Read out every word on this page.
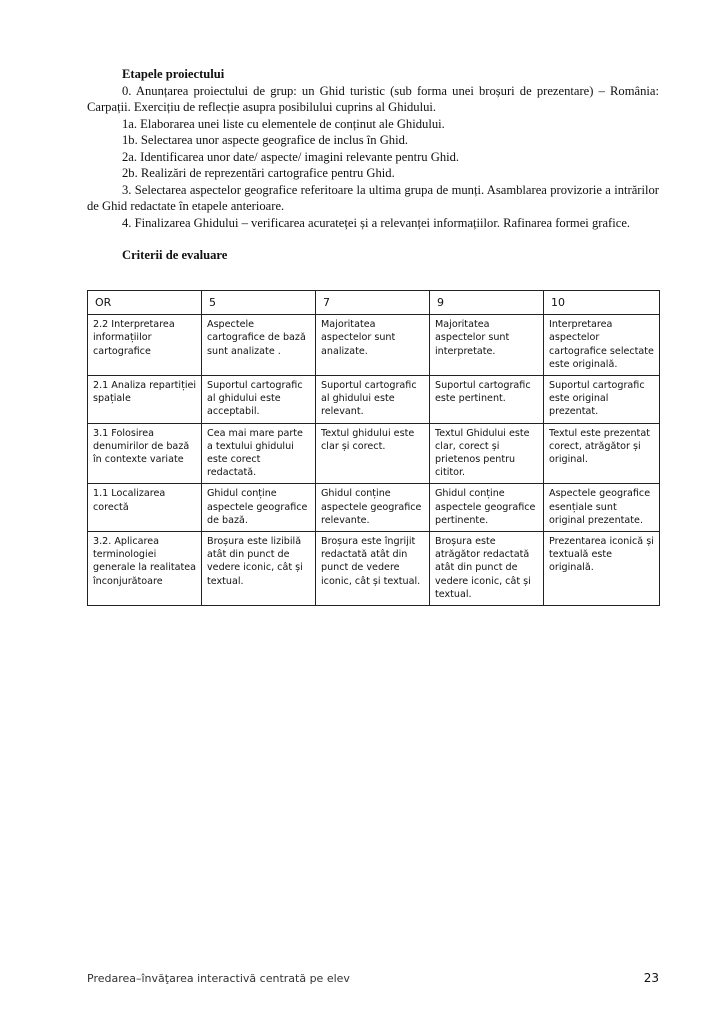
Etapele proiectului

0. Anunțarea proiectului de grup: un Ghid turistic (sub forma unei broșuri de prezentare) – România: Carpații. Exercițiu de reflecție asupra posibilului cuprins al Ghidului.

1a. Elaborarea unei liste cu elementele de conținut ale Ghidului.

1b. Selectarea unor aspecte geografice de inclus în Ghid.

2a. Identificarea unor date/ aspecte/ imagini relevante pentru Ghid.

2b. Realizări de reprezentări cartografice pentru Ghid.

3. Selectarea aspectelor geografice referitoare la ultima grupa de munți. Asamblarea provizorie a intrărilor de Ghid redactate în etapele anterioare.

4. Finalizarea Ghidului – verificarea acurateței și a relevanței informațiilor. Rafinarea formei grafice.

Criterii de evaluare

OR	5	7	9	10
2.2 Interpretarea informațiilor cartografice	Aspectele cartografice de bază sunt analizate .	Majoritatea aspectelor sunt analizate.	Majoritatea aspectelor sunt interpretate.	Interpretarea aspectelor cartografice selectate este originală.
2.1 Analiza repartiției spațiale	Suportul cartografic al ghidului este acceptabil.	Suportul cartografic al ghidului este relevant.	Suportul cartografic este pertinent.	Suportul cartografic este original prezentat.
3.1 Folosirea denumirilor de bază în contexte variate	Cea mai mare parte a textului ghidului este corect redactată.	Textul ghidului este clar și corect.	Textul Ghidului este clar, corect și prietenos pentru cititor.	Textul este prezentat corect, atrăgător și original.
1.1 Localizarea corectă	Ghidul conține aspectele geografice de bază.	Ghidul conține aspectele geografice relevante.	Ghidul conține aspectele geografice pertinente.	Aspectele geografice esențiale sunt original prezentate.
3.2. Aplicarea terminologiei generale la realitatea înconjurătoare	Broșura este lizibilă atât din punct de vedere iconic, cât și textual.	Broșura este îngrijit redactată atât din punct de vedere iconic, cât și textual.	Broșura este atrăgător redactată atât din punct de vedere iconic, cât și textual.	Prezentarea iconică și textuală este originală.
Predarea–învăţarea interactivă centrată pe elev	23
